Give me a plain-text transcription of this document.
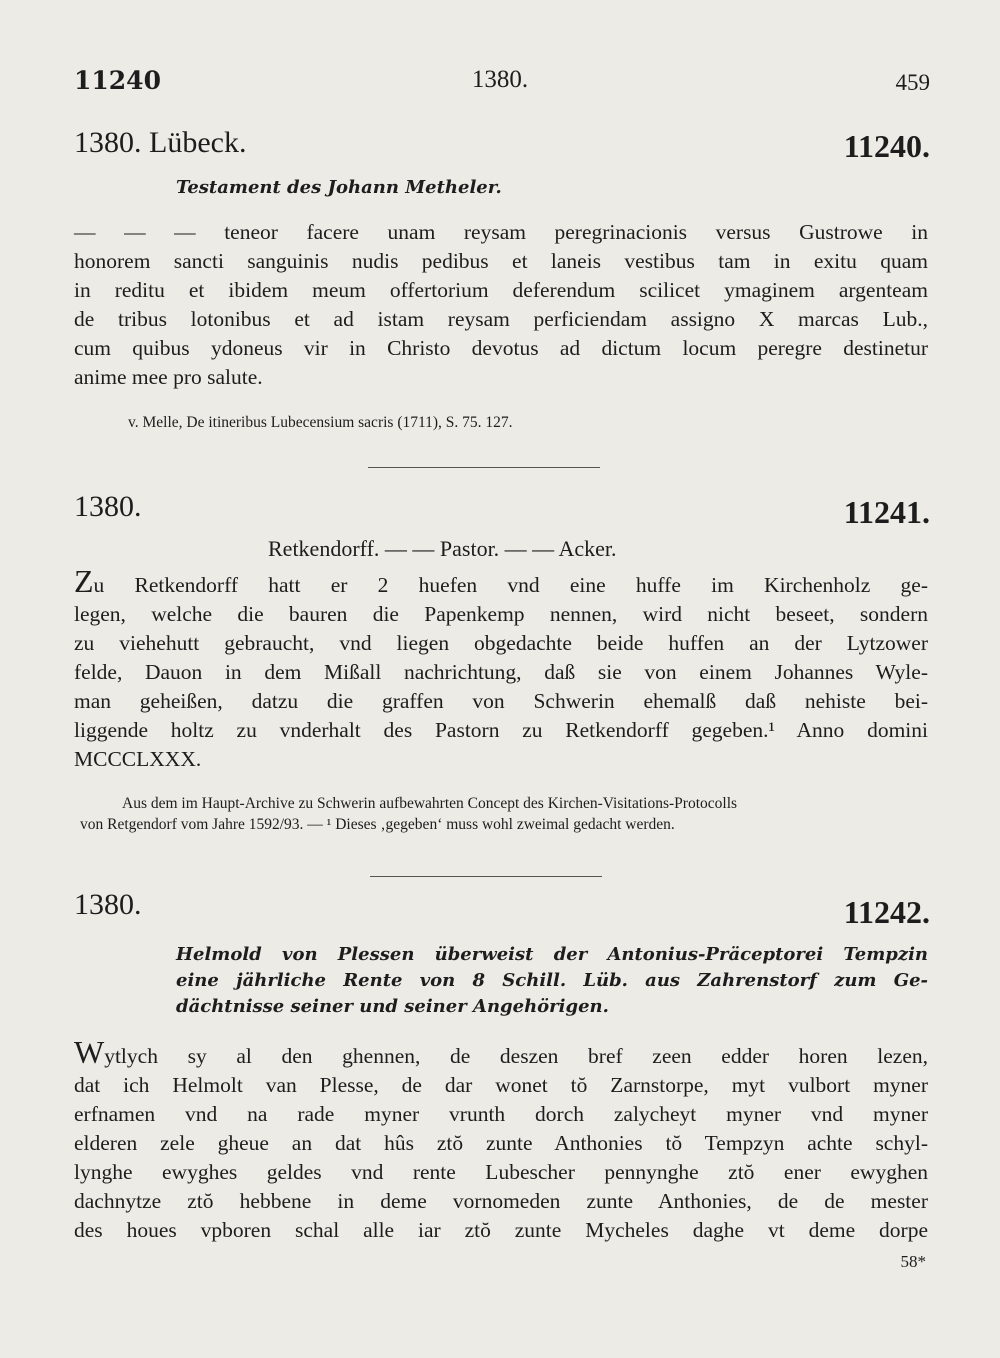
11240	1380.	459
1380. Lübeck.	11240.
Testament des Johann Metheler.
— — — teneor facere unam reysam peregrinacionis versus Gustrowe in
honorem sancti sanguinis nudis pedibus et laneis vestibus tam in exitu quam
in reditu et ibidem meum offertorium deferendum scilicet ymaginem argenteam
de tribus lotonibus et ad istam reysam perficiendam assigno X marcas Lub.,
cum quibus ydoneus vir in Christo devotus ad dictum locum peregre destinetur
anime mee pro salute.
v. Melle, De itineribus Lubecensium sacris (1711), S. 75. 127.
1380.	11241.
Retkendorff. — — Pastor. — — Acker.
Zu Retkendorff hatt er 2 huefen vnd eine huffe im Kirchenholz ge-
legen, welche die bauren die Papenkemp nennen, wird nicht beseet, sondern
zu viehehutt gebraucht, vnd liegen obgedachte beide huffen an der Lytzower
felde, Dauon in dem Mißall nachrichtung, daß sie von einem Johannes Wyle-
man geheißen, datzu die graffen von Schwerin ehemalß daß nehiste bei-
liggende holtz zu vnderhalt des Pastorn zu Retkendorff gegeben.¹ Anno domini
MCCCLXXX.
Aus dem im Haupt-Archive zu Schwerin aufbewahrten Concept des Kirchen-Visitations-Protocolls
von Retgendorf vom Jahre 1592/93. — ¹ Dieses ‚gegeben‘ muss wohl zweimal gedacht werden.
1380.	11242.
Helmold von Plessen überweist der Antonius-Präceptorei Tempzin
eine jährliche Rente von 8 Schill. Lüb. aus Zahrenstorf zum Ge-
dächtnisse seiner und seiner Angehörigen.
Wytlych sy al den ghennen, de deszen bref zeen edder horen lezen,
dat ich Helmolt van Plesse, de dar wonet tŏ Zarnstorpe, myt vulbort myner
erfnamen vnd na rade myner vrunth dorch zalycheyt myner vnd myner
elderen zele gheue an dat hûs ztŏ zunte Anthonies tŏ Tempzyn achte schyl-
lynghe ewyghes geldes vnd rente Lubescher pennynghe ztŏ ener ewyghen
dachnytze ztŏ hebbene in deme vornomeden zunte Anthonies, de de mester
des houes vpboren schal alle iar ztŏ zunte Mycheles daghe vt deme dorpe
58*
